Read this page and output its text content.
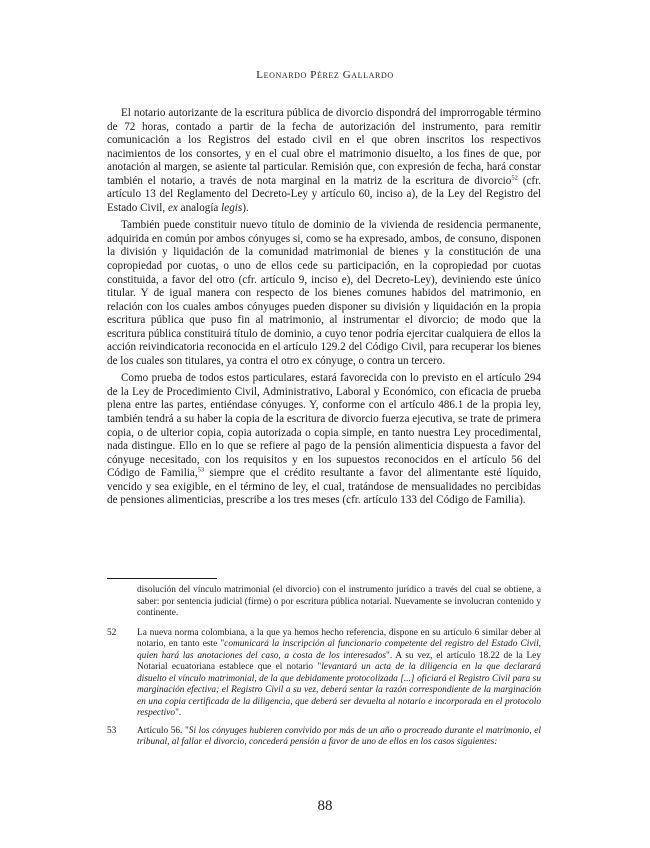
Leonardo Pérez Gallardo

El notario autorizante de la escritura pública de divorcio dispondrá del improrrogable término de 72 horas, contado a partir de la fecha de autorización del instrumento, para remitir comunicación a los Registros del estado civil en el que obren inscritos los respectivos nacimientos de los consortes, y en el cual obre el matrimonio disuelto, a los fines de que, por anotación al margen, se asiente tal particular. Remisión que, con expresión de fecha, hará constar también el notario, a través de nota marginal en la matriz de la escritura de divorcio$^{52}$ (cfr. artículo 13 del Reglamento del Decreto-Ley y artículo 60, inciso a), de la Ley del Registro del Estado Civil, ex analogía legis).

También puede constituir nuevo título de dominio de la vivienda de residencia permanente, adquirida en común por ambos cónyuges si, como se ha expresado, ambos, de consuno, disponen la división y liquidación de la comunidad matrimonial de bienes y la constitución de una copropiedad por cuotas, o uno de ellos cede su participación, en la copropiedad por cuotas constituida, a favor del otro (cfr. artículo 9, inciso e), del Decreto-Ley), deviniendo este único titular. Y de igual manera con respecto de los bienes comunes habidos del matrimonio, en relación con los cuales ambos cónyuges pueden disponer su división y liquidación en la propia escritura pública que puso fin al matrimonio, al instrumentar el divorcio; de modo que la escritura pública constituirá título de dominio, a cuyo tenor podría ejercitar cualquiera de ellos la acción reivindicatoria reconocida en el artículo 129.2 del Código Civil, para recuperar los bienes de los cuales son titulares, ya contra el otro ex cónyuge, o contra un tercero.

Como prueba de todos estos particulares, estará favorecida con lo previsto en el artículo 294 de la Ley de Procedimiento Civil, Administrativo, Laboral y Económico, con eficacia de prueba plena entre las partes, entiéndase cónyuges. Y, conforme con el artículo 486.1 de la propia ley, también tendrá a su haber la copia de la escritura de divorcio fuerza ejecutiva, se trate de primera copia, o de ulterior copia, copia autorizada o copia simple, en tanto nuestra Ley procedimental, nada distingue. Ello en lo que se refiere al pago de la pensión alimenticia dispuesta a favor del cónyuge necesitado, con los requisitos y en los supuestos reconocidos en el artículo 56 del Código de Familia,$^{53}$ siempre que el crédito resultante a favor del alimentante esté líquido, vencido y sea exigible, en el término de ley, el cual, tratándose de mensualidades no percibidas de pensiones alimenticias, prescribe a los tres meses (cfr. artículo 133 del Código de Familia).

disolución del vínculo matrimonial (el divorcio) con el instrumento jurídico a través del cual se obtiene, a saber: por sentencia judicial (firme) o por escritura pública notarial. Nuevamente se involucran contenido y continente.
52	La nueva norma colombiana, a la que ya hemos hecho referencia, dispone en su artículo 6 similar deber al notario, en tanto este "comunicará la inscripción al funcionario competente del registro del Estado Civil, quien hará las anotaciones del caso, a costa de los interesados". A su vez, el artículo 18.22 de la Ley Notarial ecuatoriana establece que el notario "levantará un acta de la diligencia en la que declarará disuelto el vínculo matrimonial, de la que debidamente protocolizada [...] oficiará el Registro Civil para su marginación efectiva; el Registro Civil a su vez, deberá sentar la razón correspondiente de la marginación en una copia certificada de la diligencia, que deberá ser devuelta al notario e incorporada en el protocolo respectivo".
53	Artículo 56. "Si los cónyuges hubieren convivido por más de un año o procreado durante el matrimonio, el tribunal, al fallar el divorcio, concederá pensión a favor de uno de ellos en los casos siguientes:
88
